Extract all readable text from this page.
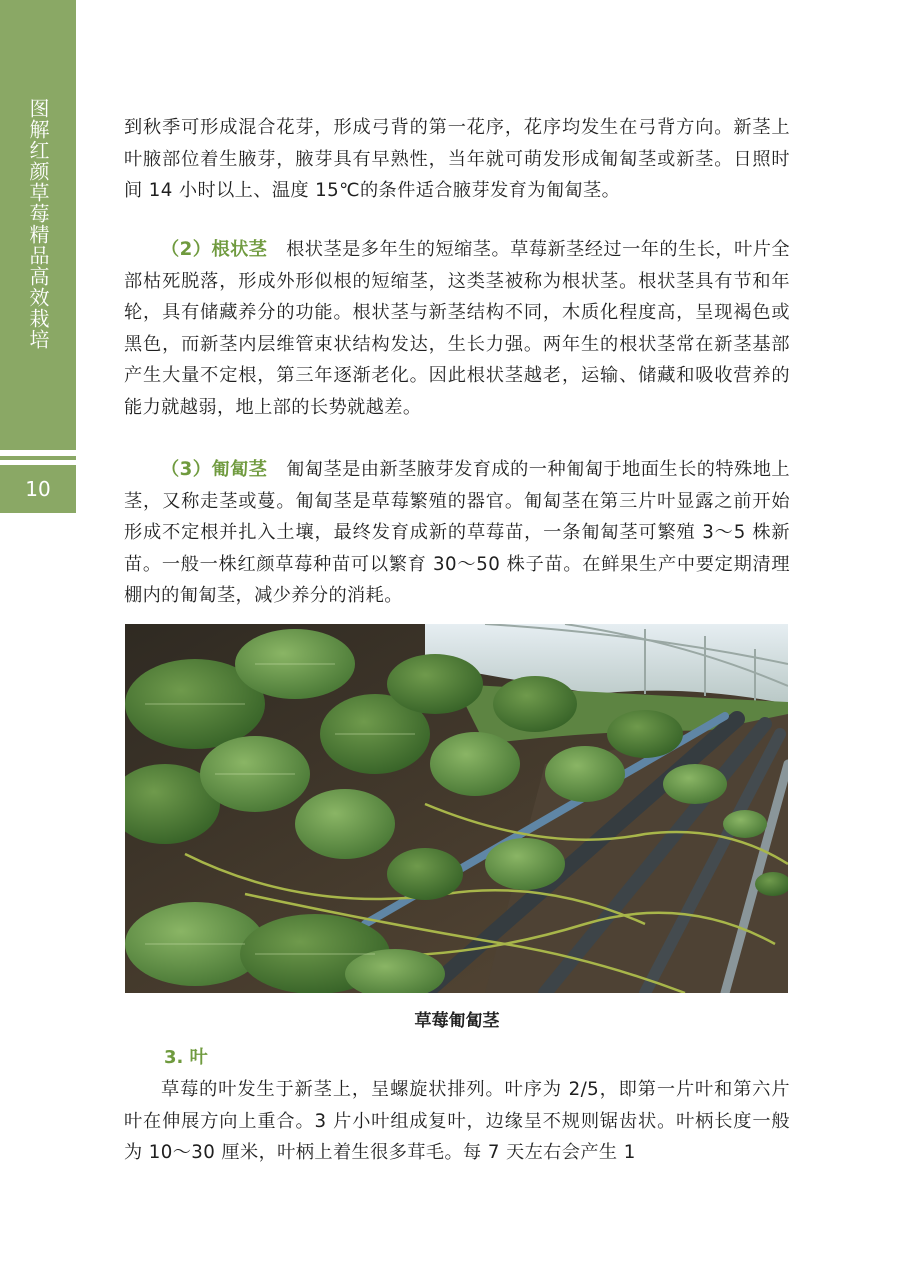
图解红颜草莓精品高效栽培
10

到秋季可形成混合花芽，形成弓背的第一花序，花序均发生在弓背方向。新茎上叶腋部位着生腋芽，腋芽具有早熟性，当年就可萌发形成匍匐茎或新茎。日照时间 14 小时以上、温度 15℃的条件适合腋芽发育为匍匐茎。

（2）根状茎　根状茎是多年生的短缩茎。草莓新茎经过一年的生长，叶片全部枯死脱落，形成外形似根的短缩茎，这类茎被称为根状茎。根状茎具有节和年轮，具有储藏养分的功能。根状茎与新茎结构不同，木质化程度高，呈现褐色或黑色，而新茎内层维管束状结构发达，生长力强。两年生的根状茎常在新茎基部产生大量不定根，第三年逐渐老化。因此根状茎越老，运输、储藏和吸收营养的能力就越弱，地上部的长势就越差。

（3）匍匐茎　匍匐茎是由新茎腋芽发育成的一种匍匐于地面生长的特殊地上茎，又称走茎或蔓。匍匐茎是草莓繁殖的器官。匍匐茎在第三片叶显露之前开始形成不定根并扎入土壤，最终发育成新的草莓苗，一条匍匐茎可繁殖 3～5 株新苗。一般一株红颜草莓种苗可以繁育 30～50 株子苗。在鲜果生产中要定期清理棚内的匍匐茎，减少养分的消耗。

草莓匍匐茎
3. 叶

草莓的叶发生于新茎上，呈螺旋状排列。叶序为 2/5，即第一片叶和第六片叶在伸展方向上重合。3 片小叶组成复叶，边缘呈不规则锯齿状。叶柄长度一般为 10～30 厘米，叶柄上着生很多茸毛。每 7 天左右会产生 1
